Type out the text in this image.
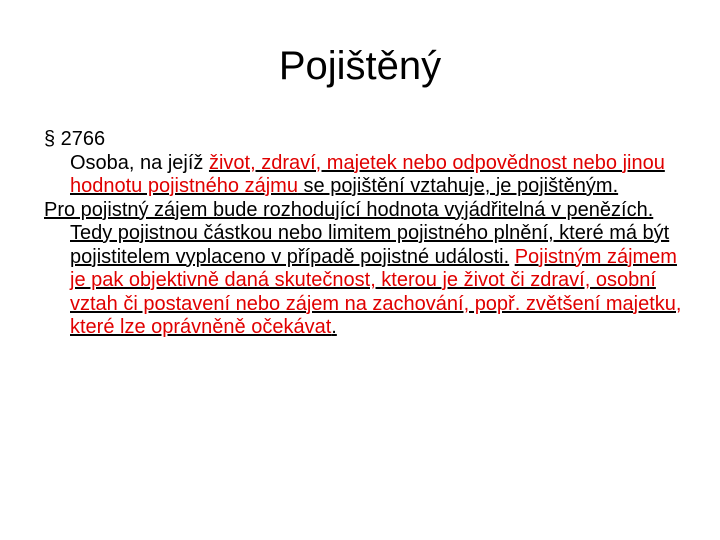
Pojištěný

§ 2766

Osoba, na jejíž život, zdraví, majetek nebo odpovědnost nebo jinou hodnotu pojistného zájmu se pojištění vztahuje, je pojištěným.

Pro pojistný zájem bude rozhodující hodnota vyjádřitelná v penězích. Tedy pojistnou částkou nebo limitem pojistného plnění, které má být pojistitelem vyplaceno v případě pojistné události. Pojistným zájmem je pak objektivně daná skutečnost, kterou je život či zdraví, osobní vztah či postavení nebo zájem na zachování, popř. zvětšení majetku, které lze oprávněně očekávat.
